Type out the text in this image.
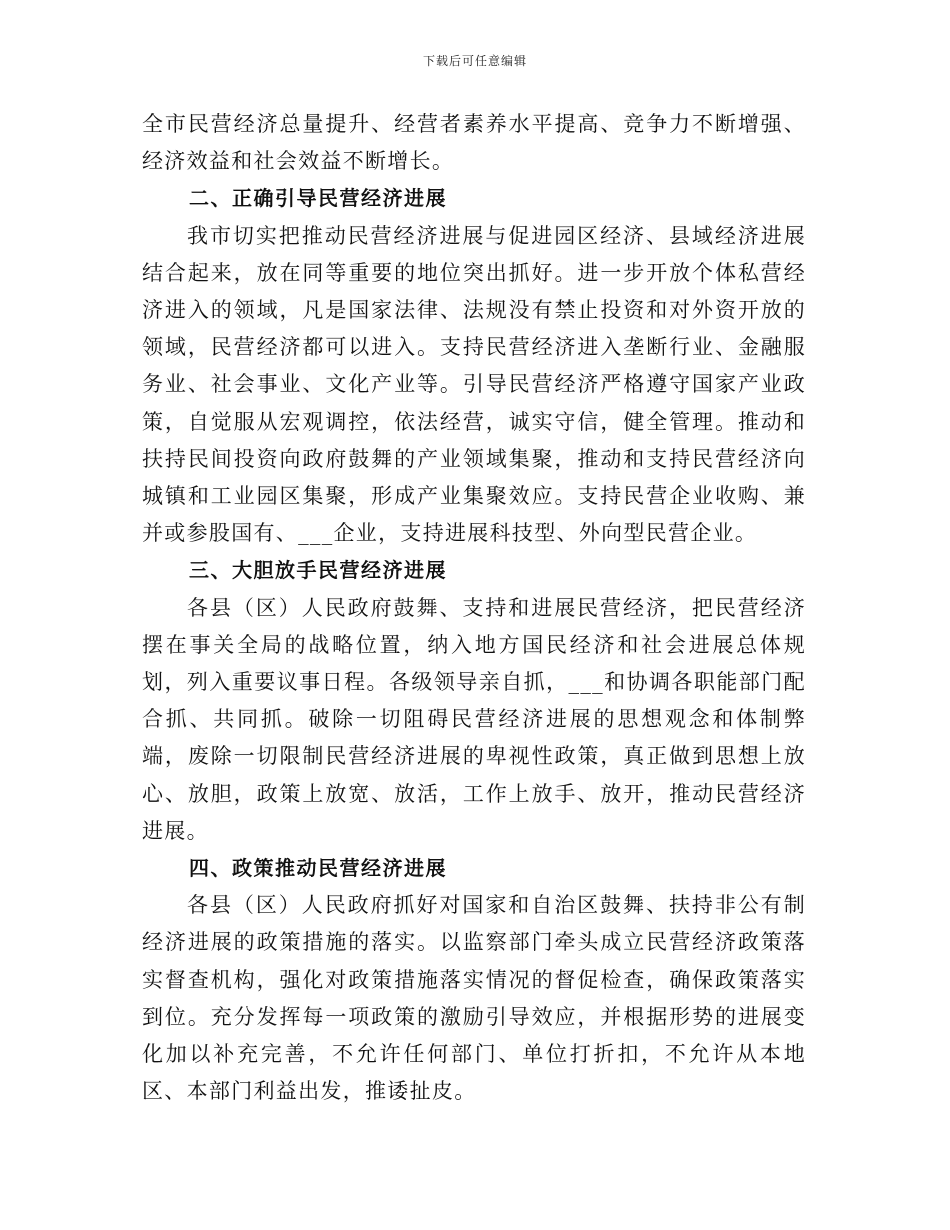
下载后可任意编辑

全市民营经济总量提升、经营者素养水平提高、竞争力不断增强、经济效益和社会效益不断增长。

二、正确引导民营经济进展

我市切实把推动民营经济进展与促进园区经济、县域经济进展结合起来，放在同等重要的地位突出抓好。进一步开放个体私营经济进入的领域，凡是国家法律、法规没有禁止投资和对外资开放的领域，民营经济都可以进入。支持民营经济进入垄断行业、金融服务业、社会事业、文化产业等。引导民营经济严格遵守国家产业政策，自觉服从宏观调控，依法经营，诚实守信，健全管理。推动和扶持民间投资向政府鼓舞的产业领域集聚，推动和支持民营经济向城镇和工业园区集聚，形成产业集聚效应。支持民营企业收购、兼并或参股国有、___企业，支持进展科技型、外向型民营企业。

三、大胆放手民营经济进展

各县（区）人民政府鼓舞、支持和进展民营经济，把民营经济摆在事关全局的战略位置，纳入地方国民经济和社会进展总体规划，列入重要议事日程。各级领导亲自抓，___和协调各职能部门配合抓、共同抓。破除一切阻碍民营经济进展的思想观念和体制弊端，废除一切限制民营经济进展的卑视性政策，真正做到思想上放心、放胆，政策上放宽、放活，工作上放手、放开，推动民营经济进展。

四、政策推动民营经济进展

各县（区）人民政府抓好对国家和自治区鼓舞、扶持非公有制经济进展的政策措施的落实。以监察部门牵头成立民营经济政策落实督查机构，强化对政策措施落实情况的督促检查，确保政策落实到位。充分发挥每一项政策的激励引导效应，并根据形势的进展变化加以补充完善，不允许任何部门、单位打折扣，不允许从本地区、本部门利益出发，推诿扯皮。
